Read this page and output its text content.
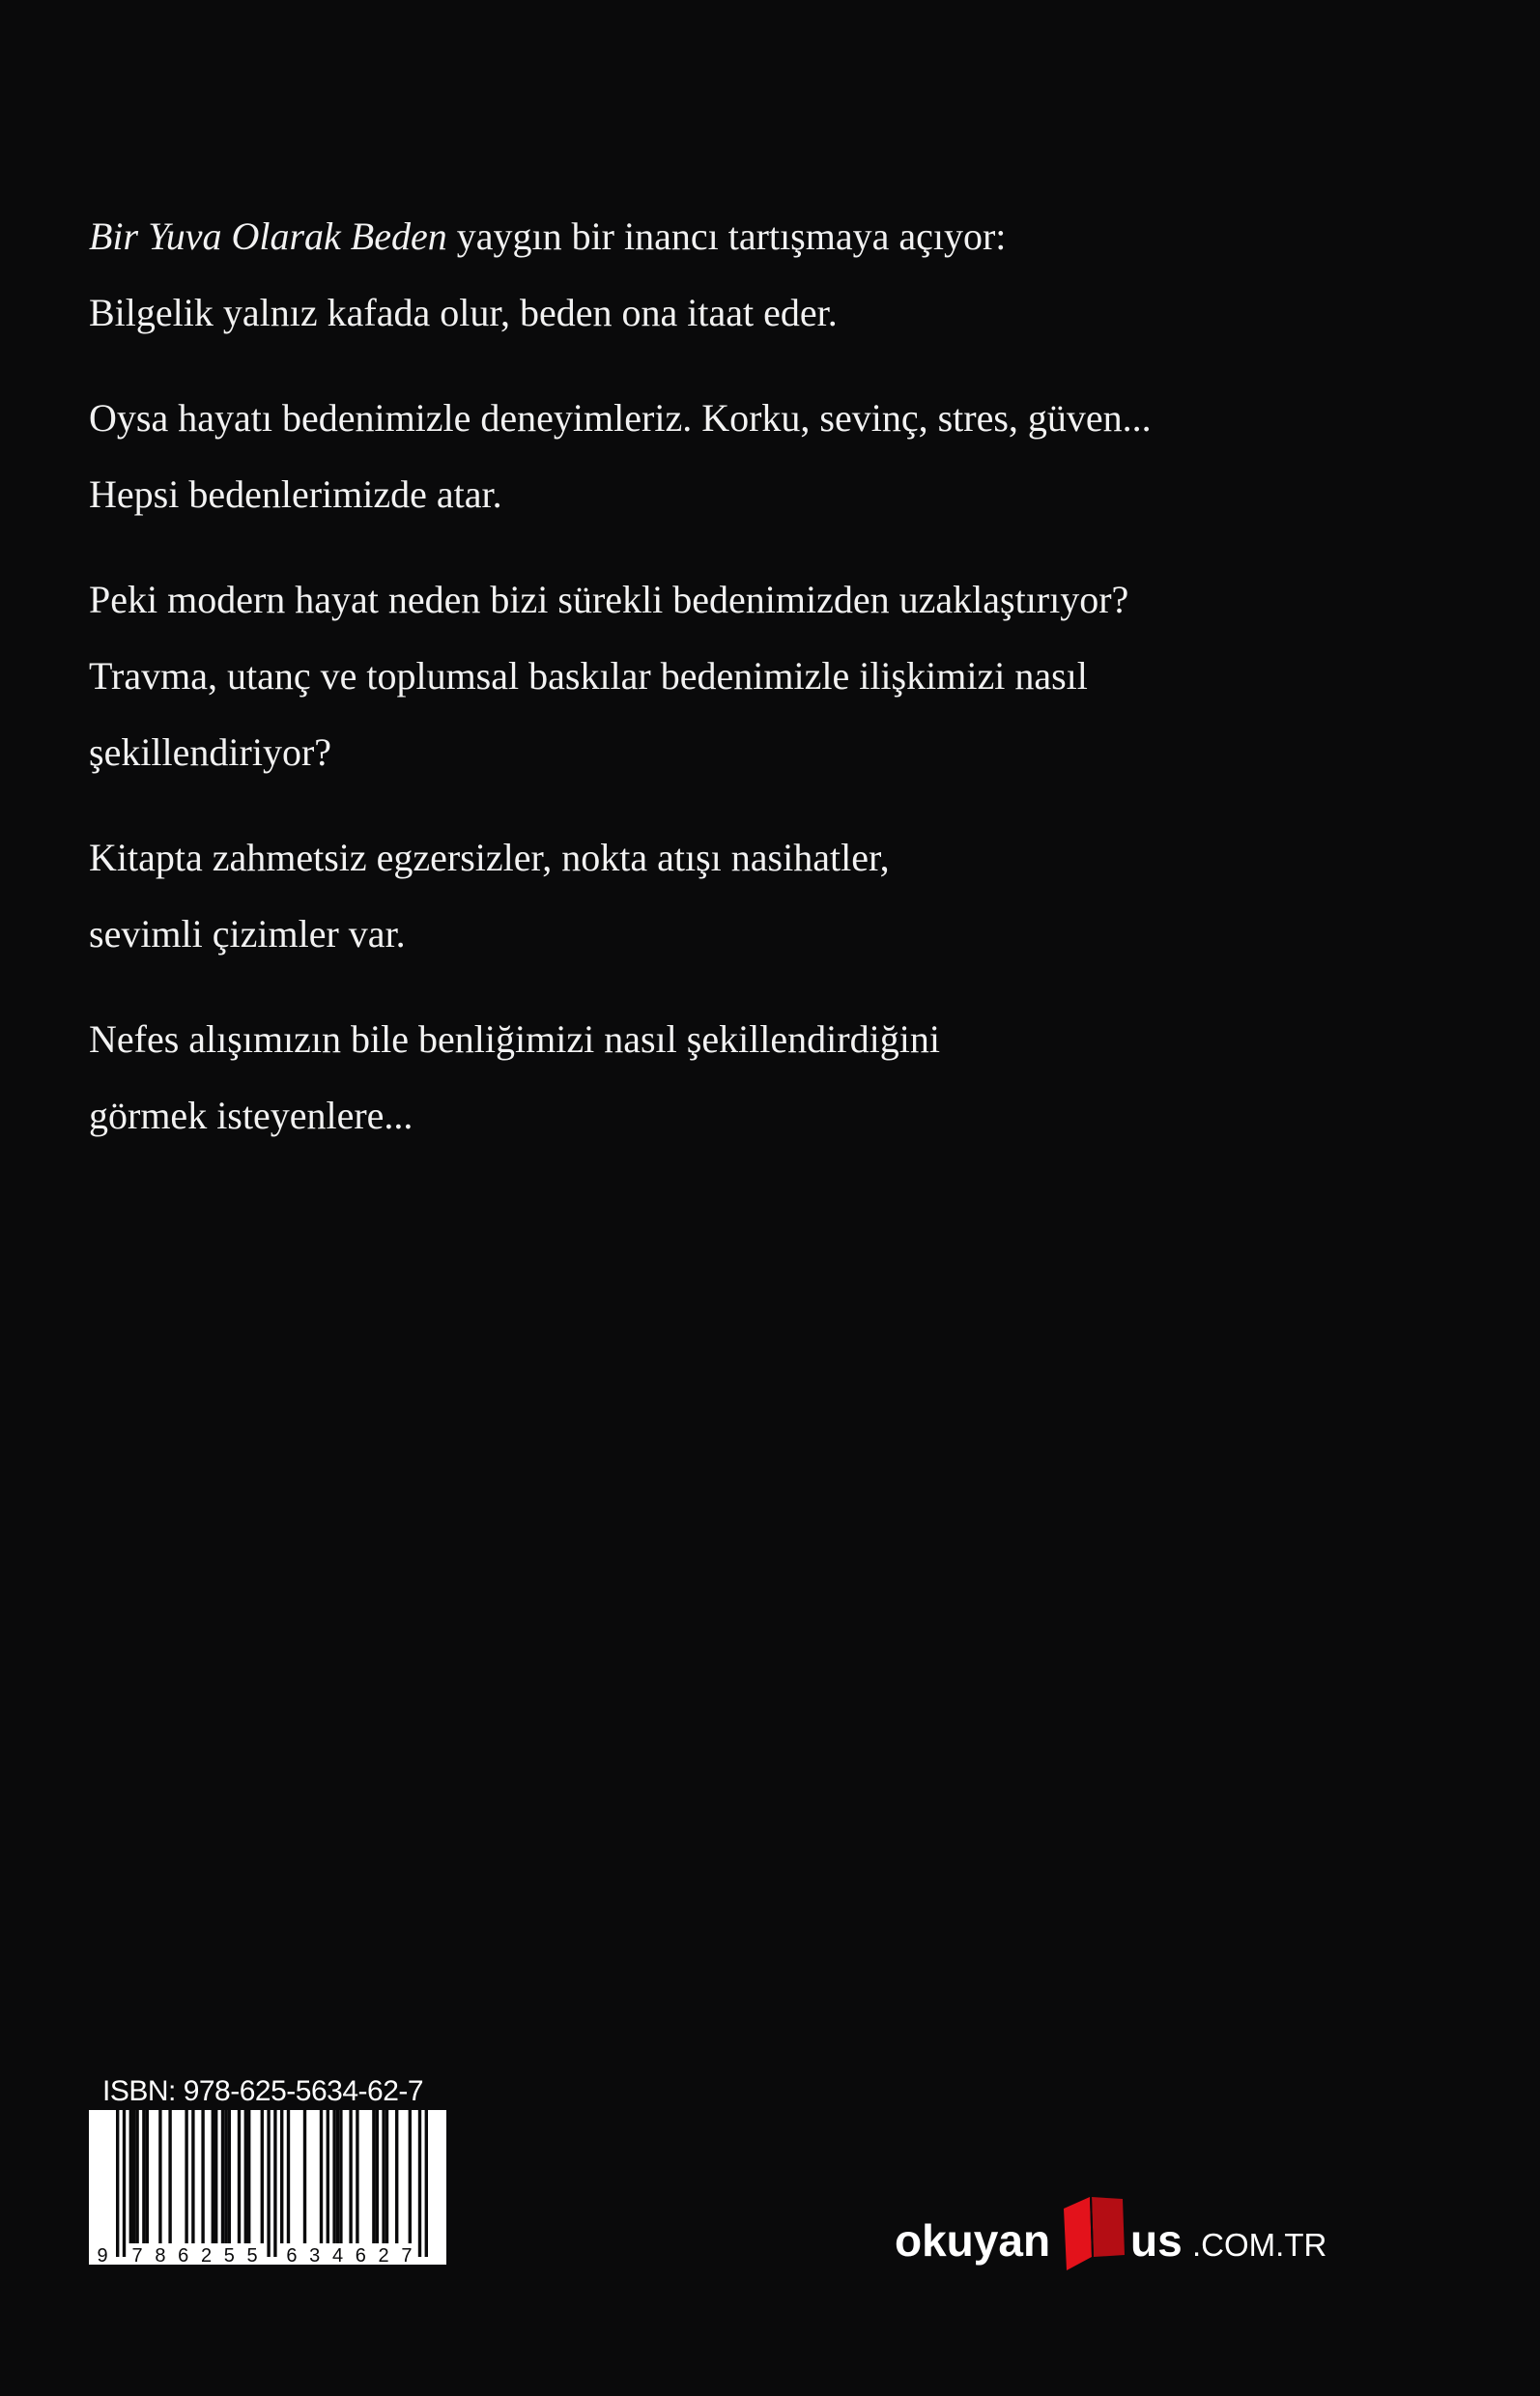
Bir Yuva Olarak Beden yaygın bir inancı tartışmaya açıyor:
Bilgelik yalnız kafada olur, beden ona itaat eder.
Oysa hayatı bedenimizle deneyimleriz. Korku, sevinç, stres, güven...
Hepsi bedenlerimizde atar.
Peki modern hayat neden bizi sürekli bedenimizden uzaklaştırıyor?
Travma, utanç ve toplumsal baskılar bedenimizle ilişkimizi nasıl
şekillendiriyor?
Kitapta zahmetsiz egzersizler, nokta atışı nasihatler,
sevimli çizimler var.
Nefes alışımızın bile benliğimizi nasıl şekillendirdiğini
görmek isteyenlere...
ISBN: 978-625-5634-62-7
9 7 8 6 2 5 5 6 3 4 6 2 7	okuyan us .COM.TR
